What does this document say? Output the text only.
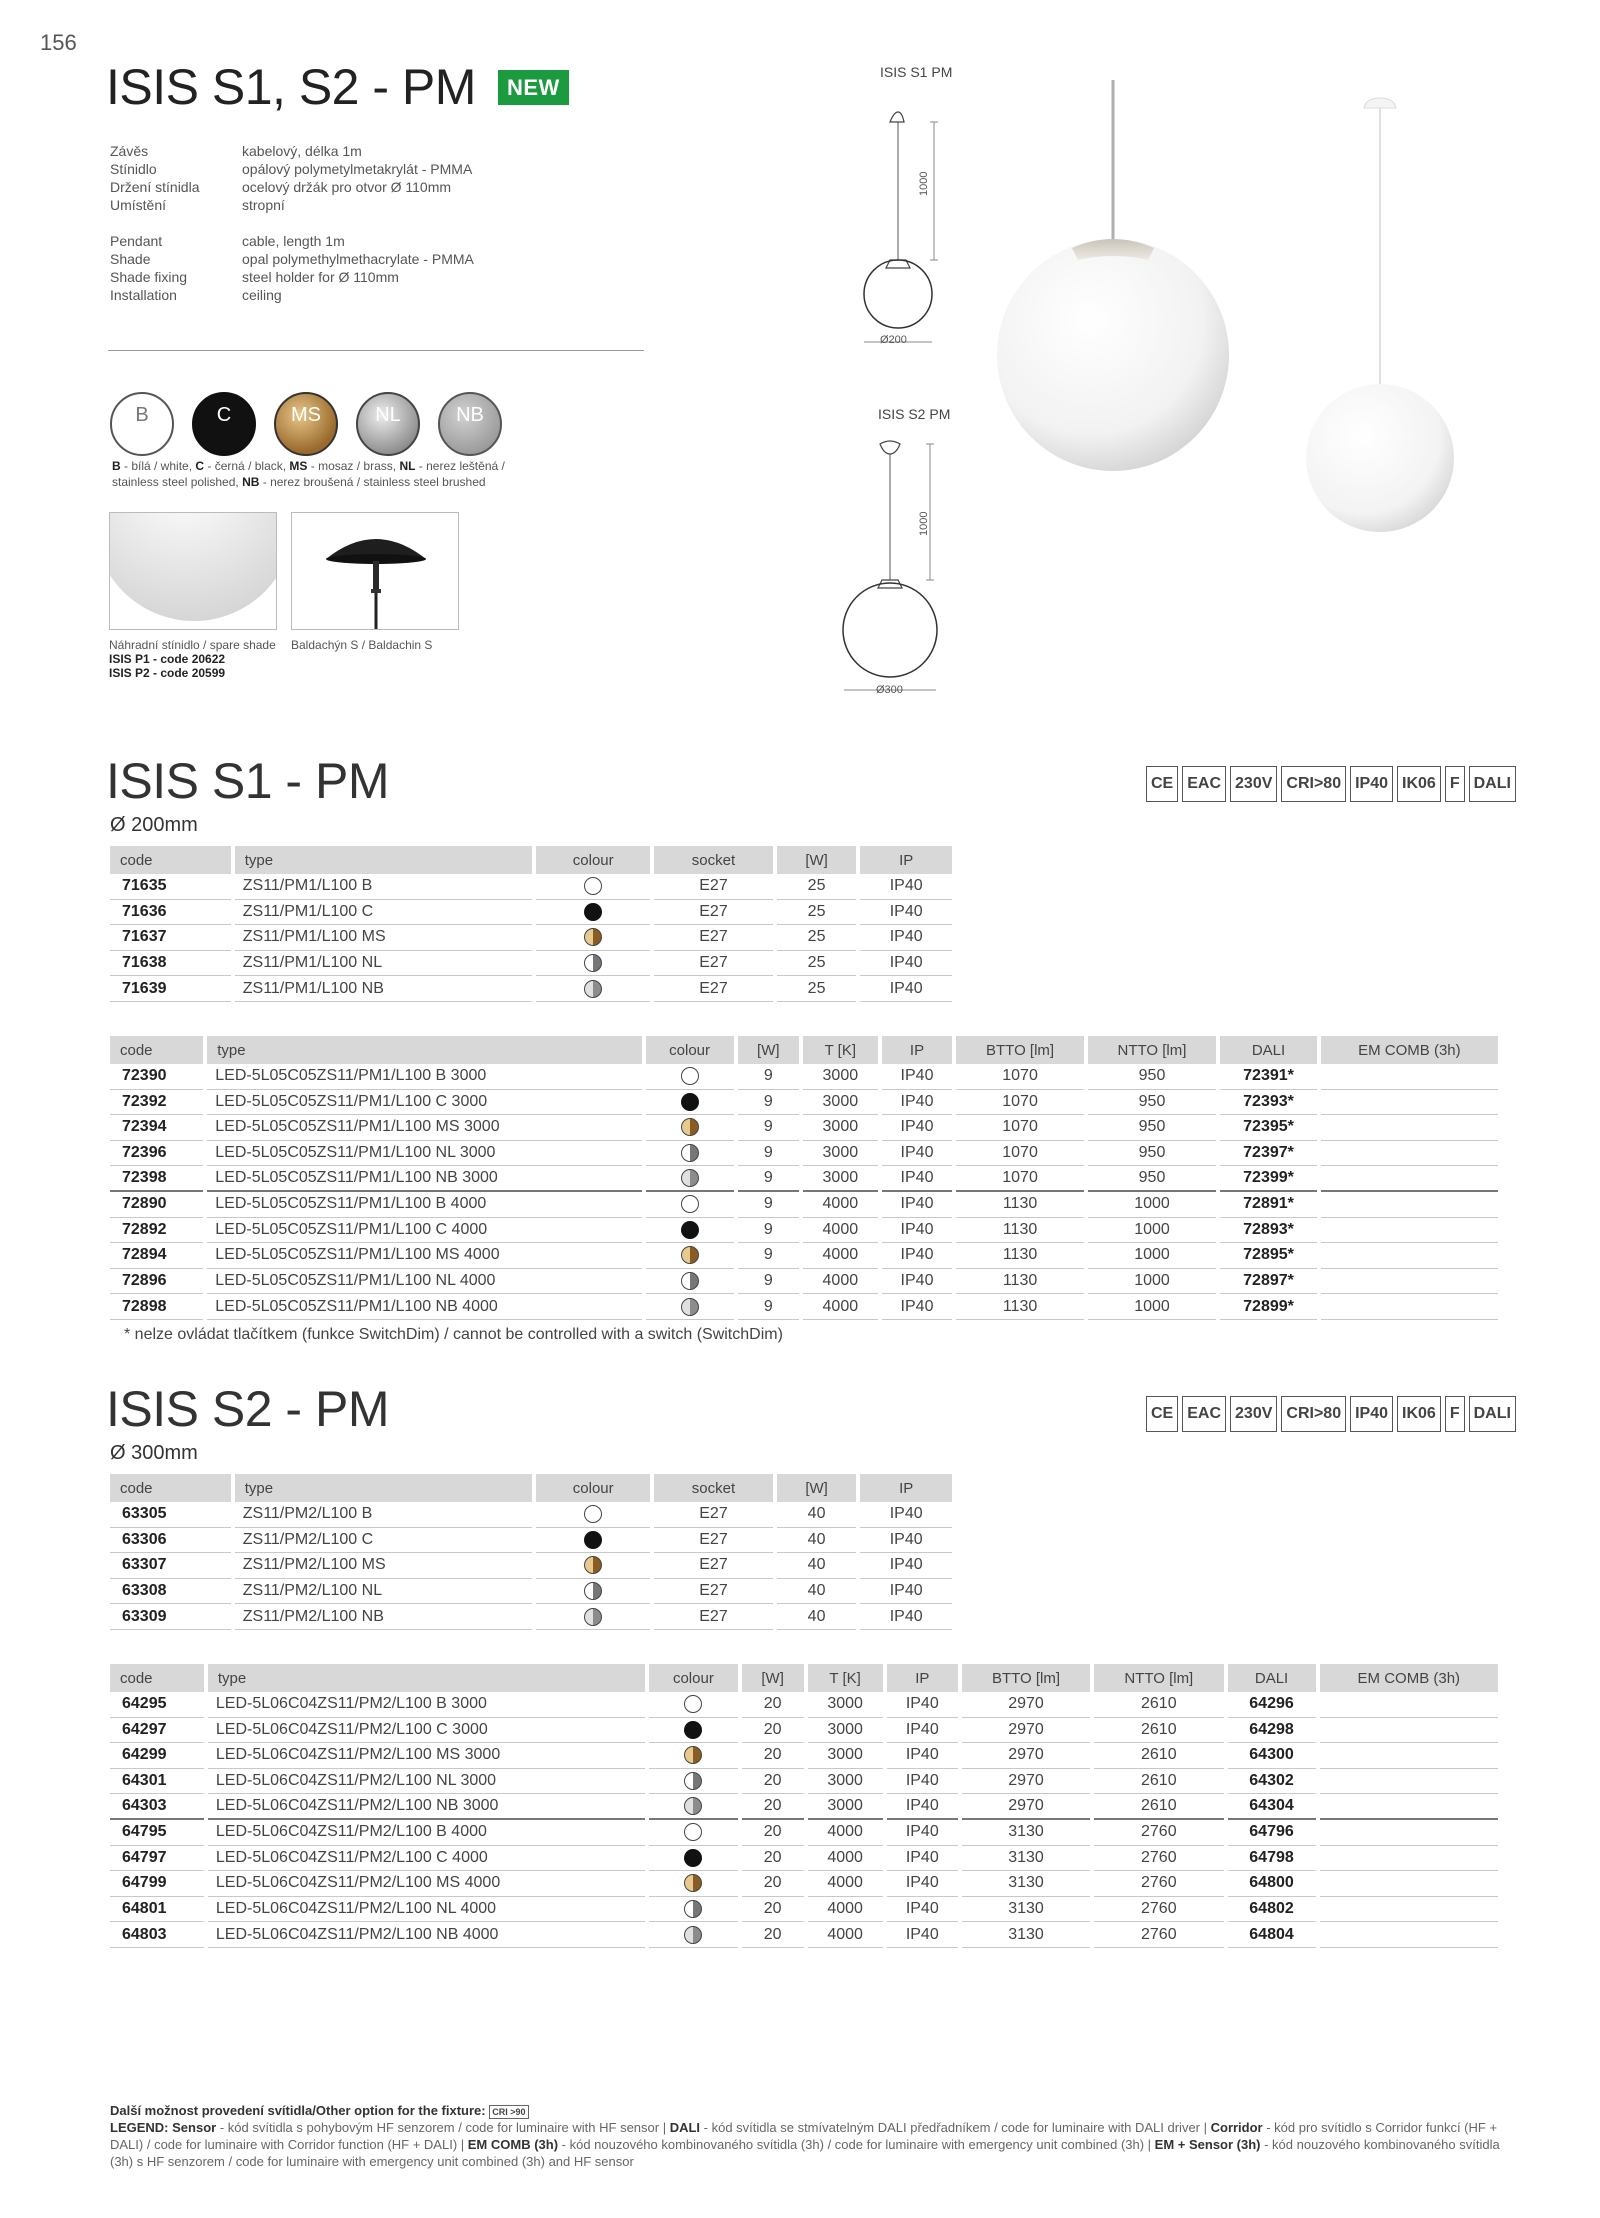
156
ISIS S1, S2 - PM	NEW
Závěs	kabelový, délka 1m
Stínidlo	opálový polymetylmetakrylát - PMMA
Držení stínidla	ocelový držák pro otvor Ø 110mm
Umístění	stropní
Pendant	cable, length 1m
Shade	opal polymethylmethacrylate - PMMA
Shade fixing	steel holder for Ø 110mm
Installation	ceiling
B	C	MS	NL	NB
B - bílá / white, C - černá / black, MS - mosaz / brass, NL - nerez leštěná / stainless steel polished, NB - nerez broušená / stainless steel brushed
Náhradní stínidlo / spare shade
ISIS P1 - code 20622
ISIS P2 - code 20599
Baldachýn S / Baldachin S
ISIS S1 PM
1000
Ø200
ISIS S2 PM
1000
Ø300
ISIS S1 - PM
Ø 200mm
CE EAC 230V CRI>80 IP40 IK06 F DALI
code	type	colour	socket	[W]	IP
71635	ZS11/PM1/L100 B		E27	25	IP40
71636	ZS11/PM1/L100 C		E27	25	IP40
71637	ZS11/PM1/L100 MS		E27	25	IP40
71638	ZS11/PM1/L100 NL		E27	25	IP40
71639	ZS11/PM1/L100 NB		E27	25	IP40
code	type	colour	[W]	T [K]	IP	BTTO [lm]	NTTO [lm]	DALI	EM COMB (3h)
72390	LED-5L05C05ZS11/PM1/L100 B 3000		9	3000	IP40	1070	950	72391*	
72392	LED-5L05C05ZS11/PM1/L100 C 3000		9	3000	IP40	1070	950	72393*	
72394	LED-5L05C05ZS11/PM1/L100 MS 3000		9	3000	IP40	1070	950	72395*	
72396	LED-5L05C05ZS11/PM1/L100 NL 3000		9	3000	IP40	1070	950	72397*	
72398	LED-5L05C05ZS11/PM1/L100 NB 3000		9	3000	IP40	1070	950	72399*	
72890	LED-5L05C05ZS11/PM1/L100 B 4000		9	4000	IP40	1130	1000	72891*	
72892	LED-5L05C05ZS11/PM1/L100 C 4000		9	4000	IP40	1130	1000	72893*	
72894	LED-5L05C05ZS11/PM1/L100 MS 4000		9	4000	IP40	1130	1000	72895*	
72896	LED-5L05C05ZS11/PM1/L100 NL 4000		9	4000	IP40	1130	1000	72897*	
72898	LED-5L05C05ZS11/PM1/L100 NB 4000		9	4000	IP40	1130	1000	72899*	
* nelze ovládat tlačítkem (funkce SwitchDim) / cannot be controlled with a switch (SwitchDim)
ISIS S2 - PM
Ø 300mm
CE EAC 230V CRI>80 IP40 IK06 F DALI
code	type	colour	socket	[W]	IP
63305	ZS11/PM2/L100 B		E27	40	IP40
63306	ZS11/PM2/L100 C		E27	40	IP40
63307	ZS11/PM2/L100 MS		E27	40	IP40
63308	ZS11/PM2/L100 NL		E27	40	IP40
63309	ZS11/PM2/L100 NB		E27	40	IP40
code	type	colour	[W]	T [K]	IP	BTTO [lm]	NTTO [lm]	DALI	EM COMB (3h)
64295	LED-5L06C04ZS11/PM2/L100 B 3000		20	3000	IP40	2970	2610	64296	
64297	LED-5L06C04ZS11/PM2/L100 C 3000		20	3000	IP40	2970	2610	64298	
64299	LED-5L06C04ZS11/PM2/L100 MS 3000		20	3000	IP40	2970	2610	64300	
64301	LED-5L06C04ZS11/PM2/L100 NL 3000		20	3000	IP40	2970	2610	64302	
64303	LED-5L06C04ZS11/PM2/L100 NB 3000		20	3000	IP40	2970	2610	64304	
64795	LED-5L06C04ZS11/PM2/L100 B 4000		20	4000	IP40	3130	2760	64796	
64797	LED-5L06C04ZS11/PM2/L100 C 4000		20	4000	IP40	3130	2760	64798	
64799	LED-5L06C04ZS11/PM2/L100 MS 4000		20	4000	IP40	3130	2760	64800	
64801	LED-5L06C04ZS11/PM2/L100 NL 4000		20	4000	IP40	3130	2760	64802	
64803	LED-5L06C04ZS11/PM2/L100 NB 4000		20	4000	IP40	3130	2760	64804	
Další možnost provedení svítidla/Other option for the fixture: CRI >90
LEGEND: Sensor - kód svítidla s pohybovým HF senzorem / code for luminaire with HF sensor | DALI - kód svítidla se stmívatelným DALI předřadníkem / code for luminaire with DALI driver | Corridor - kód pro svítidlo s Corridor funkcí (HF + DALI) / code for luminaire with Corridor function (HF + DALI) | EM COMB (3h) - kód nouzového kombinovaného svítidla (3h) / code for luminaire with emergency unit combined (3h) | EM + Sensor (3h) - kód nouzového kombinovaného svítidla (3h) s HF senzorem / code for luminaire with emergency unit combined (3h) and HF sensor
